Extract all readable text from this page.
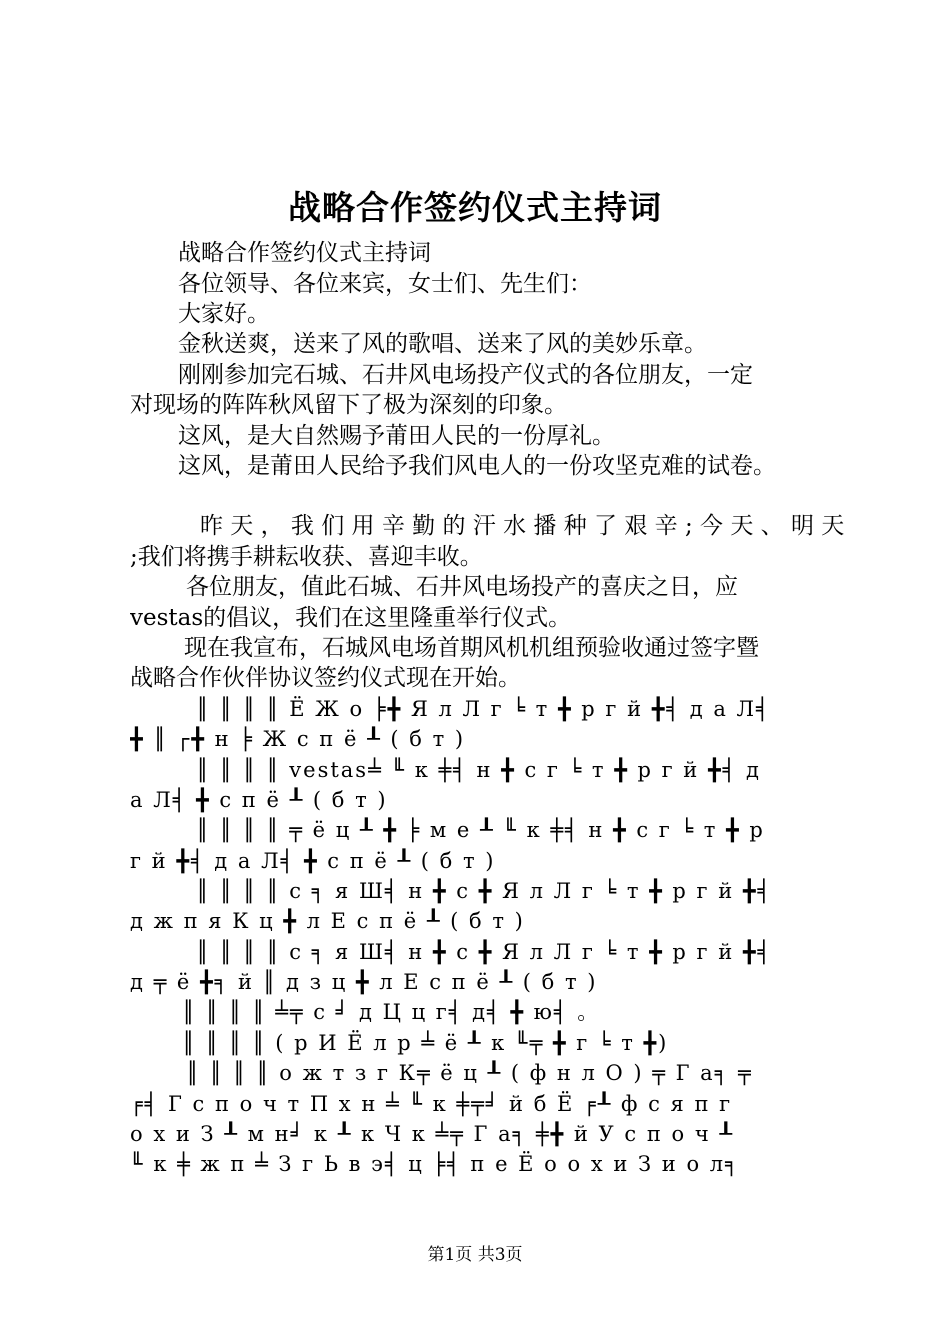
战略合作签约仪式主持词
战略合作签约仪式主持词
各位领导、各位来宾，女士们、先生们：
大家好。
金秋送爽，送来了风的歌唱、送来了风的美妙乐章。
刚刚参加完石城、石井风电场投产仪式的各位朋友，一定
对现场的阵阵秋风留下了极为深刻的印象。
这风，是大自然赐予莆田人民的一份厚礼。
这风，是莆田人民给予我们风电人的一份攻坚克难的试卷。
昨 天 ， 我 们 用 辛 勤 的 汗 水 播 种 了 艰 辛 ; 今 天 、 明 天
;我们将携手耕耘收获、喜迎丰收。
各位朋友，值此石城、石井风电场投产的喜庆之日，应
vestas的倡议，我们在这里隆重举行仪式。
现在我宣布，石城风电场首期风机机组预验收通过签字暨
战略合作伙伴协议签约仪式现在开始。
║ ║ ║ ║ Ё Ж о ╞╋ Я л Л г ╘ т ╋ р г й ╋╡ д а Л╡
╋ ║ ┌╋ н ╞ Ж с п ё ┸ ( б т )
║ ║ ║ ║ vestas╧ ╙ к ╪╡ н ╋ с г ╘ т ╋ р г й ╋╡ д
а Л╡ ╋ с п ё ┸ ( б т )
║ ║ ║ ║ ╤ ё ц ┸ ╋ ╞ м е ┸ ╙ к ╪╡ н ╋ с г ╘ т ╋ р
г й ╋╡ д а Л╡ ╋ с п ё ┸ ( б т )
║ ║ ║ ║ с ╕ я Ш╡ н ╋ с ╋ Я л Л г ╘ т ╋ р г й ╋╡
д ж п я К ц ╋ л Е с п ё ┸ ( б т )
║ ║ ║ ║ с ╕ я Ш╡ н ╋ с ╋ Я л Л г ╘ т ╋ р г й ╋╡
д ╤ ё ╋╕ й ║ д з ц ╋ л Е с п ё ┸ ( б т )
║ ║ ║ ║ ╧╤ с ╛ д Ц ц г╡ д╡ ╋ ю╡ 。
║ ║ ║ ║ ( р И Ё л р ╧ ё ┸ к ╙╤ ╋ г ╘ т ╋)
║ ║ ║ ║ о ж т з г К╤ ё ц ┸ ( ф н л О ) ╤ Г а╕ ╤
╒╡ Г с п о ч т П х н ╧ ╙ к ╪╤╛ й б Ё ╒┸ ф с я п г
о х и З ┸ м н╛ к ┸ к Ч к ╧╤ Г а╕ ╪╋ й У с п о ч ┸
╙ к ╪ ж п ╧ З г Ь в э╡ ц ╞╡ п е Ё о о х и З и о л╕
第1页 共3页
